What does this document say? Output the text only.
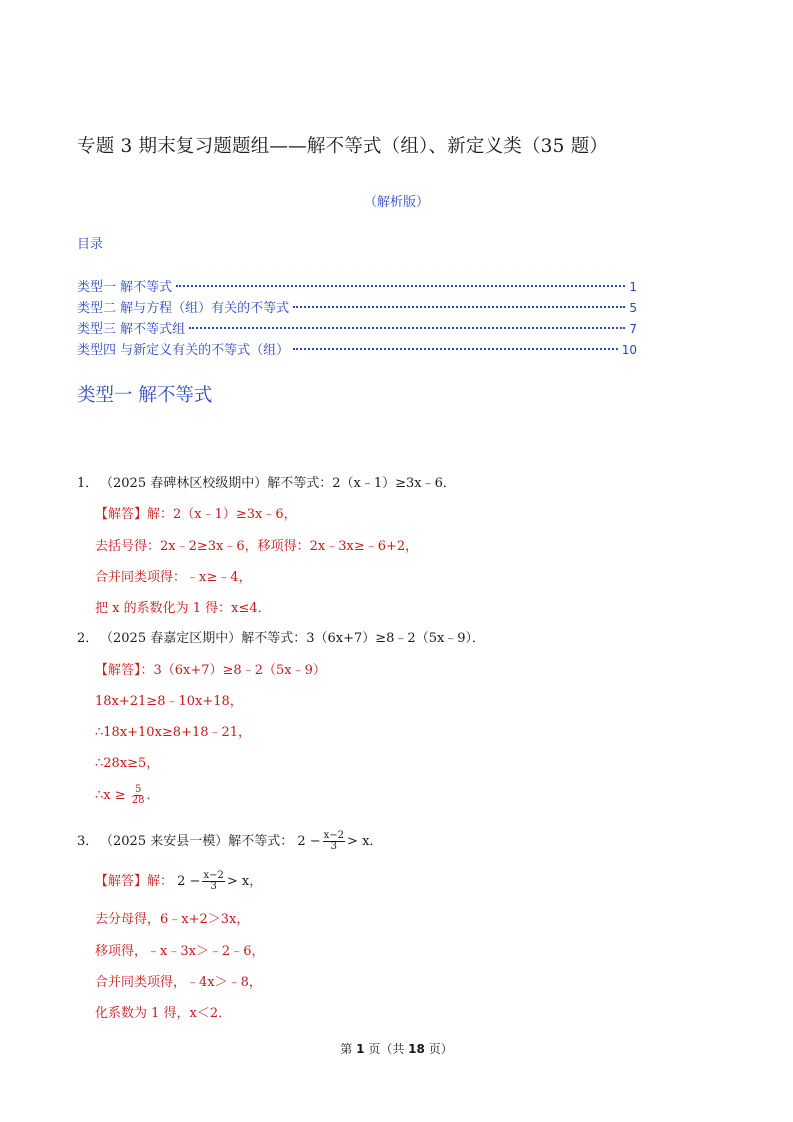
专题 3 期末复习题题组——解不等式（组）、新定义类（35 题）
（解析版）
目录
类型一 解不等式	1
类型二 解与方程（组）有关的不等式	5
类型三 解不等式组	7
类型四 与新定义有关的不等式（组）	10
类型一 解不等式
1． （2025 春碑林区校级期中）解不等式：2（x﹣1）≥3x﹣6．
【解答】解：2（x﹣1）≥3x﹣6，
去括号得：2x﹣2≥3x﹣6，移项得：2x﹣3x≥﹣6+2，
合并同类项得：﹣x≥﹣4，
把 x 的系数化为 1 得：x≤4．
2． （2025 春嘉定区期中）解不等式：3（6x+7）≥8﹣2（5x﹣9）．
【解答】：3（6x+7）≥8﹣2（5x﹣9）
18x+21≥8﹣10x+18，
∴18x+10x≥8+18﹣21，
∴28x≥5，
∴x ≥ $\frac{5}{28}$ ．
3． （2025 来安县一模）解不等式： $2 - \frac{x-2}{3} > x$．
【解答】解： $2 - \frac{x-2}{3} > x$，
去分母得，6﹣x+2＞3x，
移项得，﹣x﹣3x＞﹣2﹣6，
合并同类项得，﹣4x＞﹣8，
化系数为 1 得，x＜2．
第 1 页（共 18 页）
